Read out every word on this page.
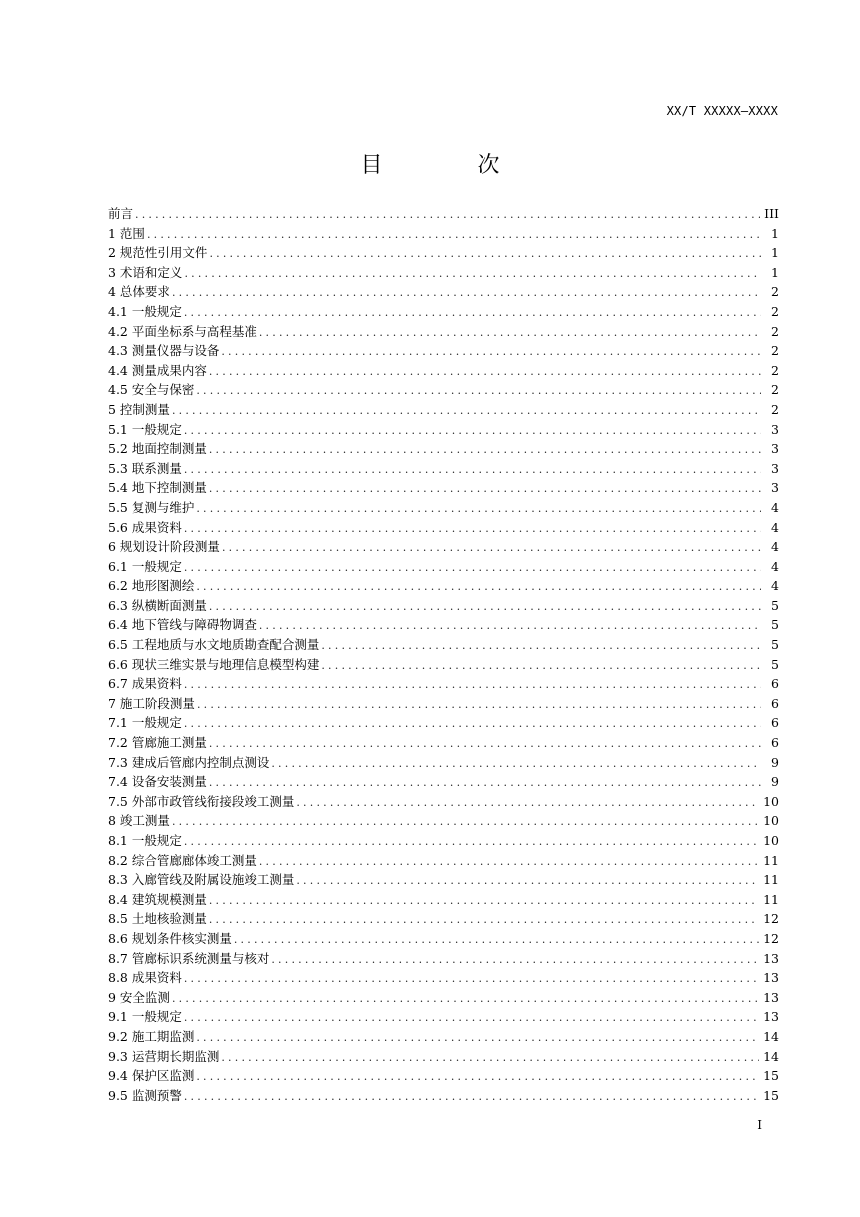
XX/T XXXXX—XXXX
目 次
前言 .....	III
1 范围 .....	1
2 规范性引用文件 .....	1
3 术语和定义 .....	1
4 总体要求 .....	2
4.1 一般规定 .....	2
4.2 平面坐标系与高程基准 .....	2
4.3 测量仪器与设备 .....	2
4.4 测量成果内容 .....	2
4.5 安全与保密 .....	2
5 控制测量 .....	2
5.1 一般规定 .....	3
5.2 地面控制测量 .....	3
5.3 联系测量 .....	3
5.4 地下控制测量 .....	3
5.5 复测与维护 .....	4
5.6 成果资料 .....	4
6 规划设计阶段测量 .....	4
6.1 一般规定 .....	4
6.2 地形图测绘 .....	4
6.3 纵横断面测量 .....	5
6.4 地下管线与障碍物调查 .....	5
6.5 工程地质与水文地质勘查配合测量 .....	5
6.6 现状三维实景与地理信息模型构建 .....	5
6.7 成果资料 .....	6
7 施工阶段测量 .....	6
7.1 一般规定 .....	6
7.2 管廊施工测量 .....	6
7.3 建成后管廊内控制点测设 .....	9
7.4 设备安装测量 .....	9
7.5 外部市政管线衔接段竣工测量 .....	10
8 竣工测量 .....	10
8.1 一般规定 .....	10
8.2 综合管廊廊体竣工测量 .....	11
8.3 入廊管线及附属设施竣工测量 .....	11
8.4 建筑规模测量 .....	11
8.5 土地核验测量 .....	12
8.6 规划条件核实测量 .....	12
8.7 管廊标识系统测量与核对 .....	13
8.8 成果资料 .....	13
9 安全监测 .....	13
9.1 一般规定 .....	13
9.2 施工期监测 .....	14
9.3 运营期长期监测 .....	14
9.4 保护区监测 .....	15
9.5 监测预警 .....	15
I
